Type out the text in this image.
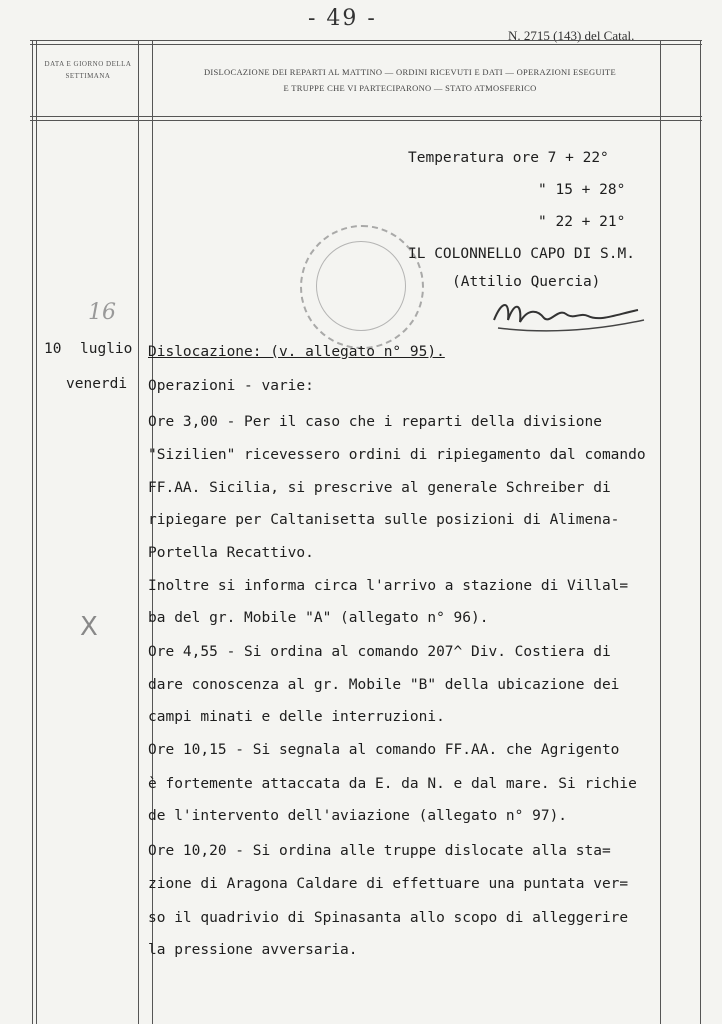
- 49 -
N. 2715 (143) del Catal.
DATA E GIORNO DELLA SETTIMANA	DISLOCAZIONE DEI REPARTI AL MATTINO — ORDINI RICEVUTI E DATI — OPERAZIONI ESEGUITE
E TRUPPE CHE VI PARTECIPARONO — STATO ATMOSFERICO
Temperatura ore 7 + 22°
" 15 + 28°
" 22 + 21°
IL COLONNELLO CAPO DI S.M.
(Attilio Quercia)
16
X
10 luglio
venerdi
Dislocazione: (v. allegato n° 95).
Operazioni - varie:
Ore 3,00 - Per il caso che i reparti della divisione
"Sizilien" ricevessero ordini di ripiegamento dal comando
FF.AA. Sicilia, si prescrive al generale Schreiber di
ripiegare per Caltanisetta sulle posizioni di Alimena-
Portella Recattivo.
Inoltre si informa circa l'arrivo a stazione di Villal=
ba del gr. Mobile "A" (allegato n° 96).
Ore 4,55 - Si ordina al comando 207^ Div. Costiera di
dare conoscenza al gr. Mobile "B" della ubicazione dei
campi minati e delle interruzioni.
Ore 10,15 - Si segnala al comando FF.AA. che Agrigento
è fortemente attaccata da E. da N. e dal mare. Si richie
de l'intervento dell'aviazione (allegato n° 97).
Ore 10,20 - Si ordina alle truppe dislocate alla sta=
zione di Aragona Caldare di effettuare una puntata ver=
so il quadrivio di Spinasanta allo scopo di alleggerire
la pressione avversaria.
